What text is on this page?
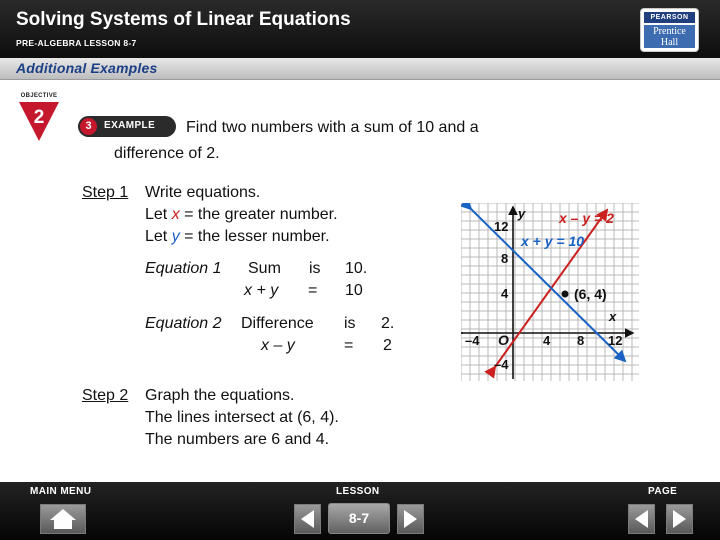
Solving Systems of Linear Equations
PRE-ALGEBRA LESSON 8-7
PEARSON
Prentice
Hall
Additional Examples
OBJECTIVE
2	3	EXAMPLE Find two numbers with a sum of 10 and a
difference of 2.
Step 1 Write equations.
Let x = the greater number.
Let y = the lesser number.
Equation 1 Sum is 10.
x + y = 10
Equation 2 Difference is 2.
x – y	= 2
Step 2 Graph the equations.
The lines intersect at (6, 4).
The numbers are 6 and 4.
x
y
O
–4	4 8 12
12
8
4
–4
x – y = 2
x + y = 10
(6, 4)
MAIN MENU	LESSON	PAGE
8-7
